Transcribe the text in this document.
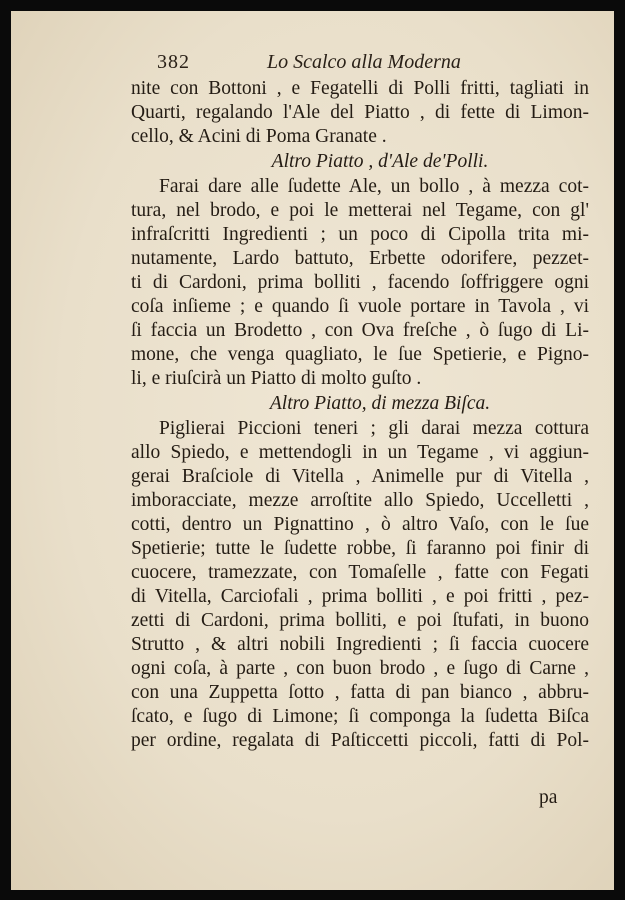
382	Lo Scalco alla Moderna
nite con Bottoni , e Fegatelli di Polli fritti, tagliati in
Quarti, regalando l'Ale del Piatto , di fette di Limon-
cello, & Acini di Poma Granate .
Altro Piatto , d'Ale de'Polli.
Farai dare alle ſudette Ale, un bollo , à mezza cot-
tura, nel brodo, e poi le metterai nel Tegame, con gl'
infraſcritti Ingredienti ; un poco di Cipolla trita mi-
nutamente, Lardo battuto, Erbette odorifere, pezzet-
ti di Cardoni, prima bolliti , facendo ſoffriggere ogni
coſa inſieme ; e quando ſi vuole portare in Tavola , vi
ſi faccia un Brodetto , con Ova freſche , ò ſugo di Li-
mone, che venga quagliato, le ſue Spetierie, e Pigno-
li, e riuſcirà un Piatto di molto guſto .
Altro Piatto, di mezza Biſca.
Piglierai Piccioni teneri ; gli darai mezza cottura
allo Spiedo, e mettendogli in un Tegame , vi aggiun-
gerai Braſciole di Vitella , Animelle pur di Vitella ,
imboracciate, mezze arroſtite allo Spiedo, Uccelletti ,
cotti, dentro un Pignattino , ò altro Vaſo, con le ſue
Spetierie; tutte le ſudette robbe, ſi faranno poi finir di
cuocere, tramezzate, con Tomaſelle , fatte con Fegati
di Vitella, Carciofali , prima bolliti , e poi fritti , pez-
zetti di Cardoni, prima bolliti, e poi ſtufati, in buono
Strutto , & altri nobili Ingredienti ; ſi faccia cuocere
ogni coſa, à parte , con buon brodo , e ſugo di Carne ,
con una Zuppetta ſotto , fatta di pan bianco , abbru-
ſcato, e ſugo di Limone; ſi componga la ſudetta Biſca
per ordine, regalata di Paſticcetti piccoli, fatti di Pol-
pa
